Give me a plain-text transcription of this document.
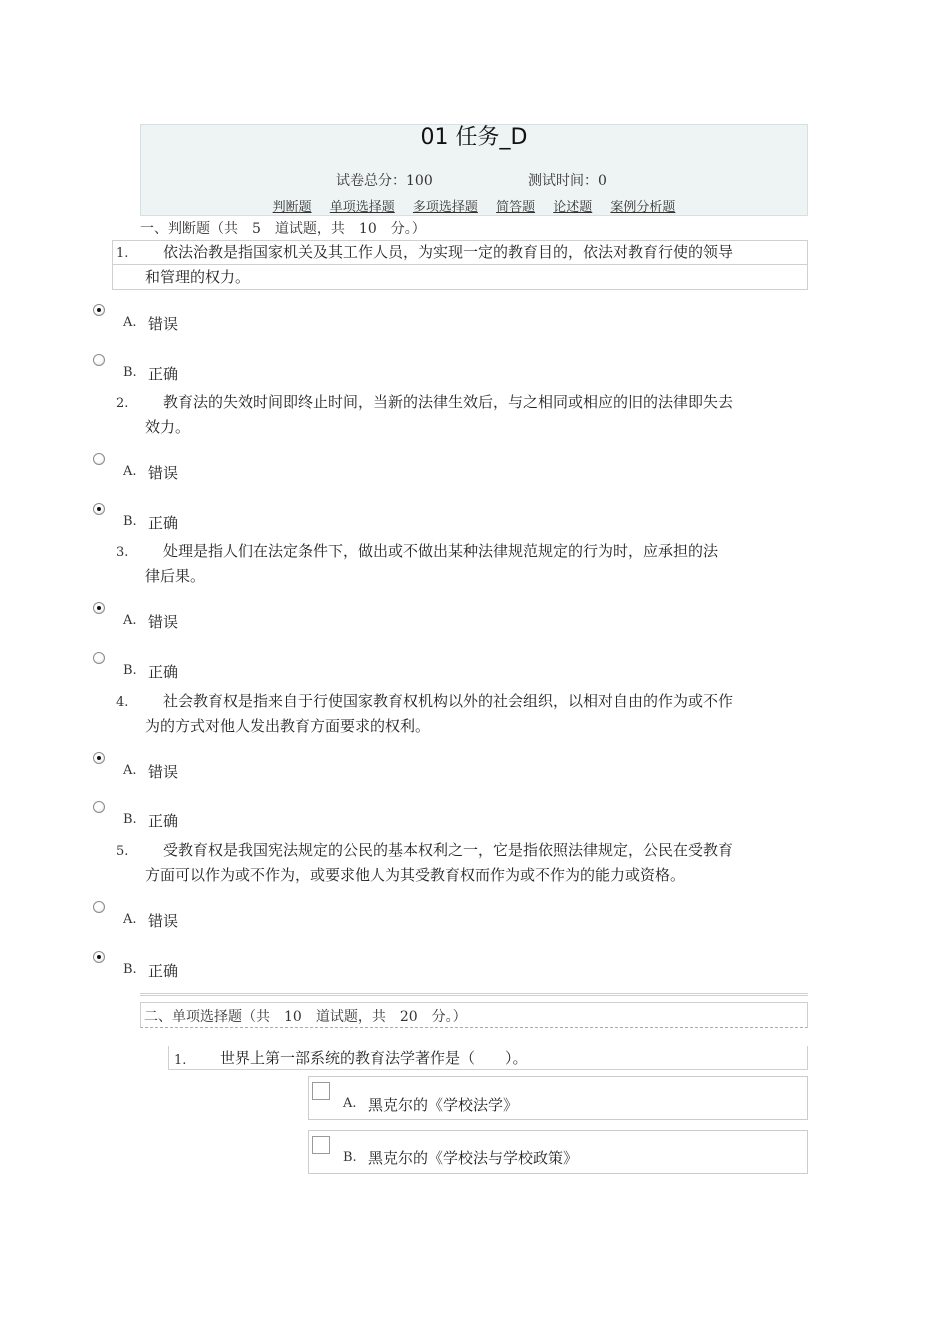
01 任务_D
试卷总分：100	测试时间：0
判断题 单项选择题 多项选择题 简答题 论述题 案例分析题
一、判断题（共　5　道试题，共　10　分。）
1. 依法治教是指国家机关及其工作人员，为实现一定的教育目的，依法对教育行使的领导
和管理的权力。
A. 错误
B. 正确
2. 教育法的失效时间即终止时间，当新的法律生效后，与之相同或相应的旧的法律即失去
效力。
A. 错误
B. 正确
3. 处理是指人们在法定条件下，做出或不做出某种法律规范规定的行为时，应承担的法
律后果。
A. 错误
B. 正确
4. 社会教育权是指来自于行使国家教育权机构以外的社会组织，以相对自由的作为或不作
为的方式对他人发出教育方面要求的权利。
A. 错误
B. 正确
5. 受教育权是我国宪法规定的公民的基本权利之一，它是指依照法律规定，公民在受教育
方面可以作为或不作为，或要求他人为其受教育权而作为或不作为的能力或资格。
A. 错误
B. 正确
二、单项选择题（共　10　道试题，共　20　分。）
1. 世界上第一部系统的教育法学著作是（　　）。
A. 黑克尔的《学校法学》
B. 黑克尔的《学校法与学校政策》
